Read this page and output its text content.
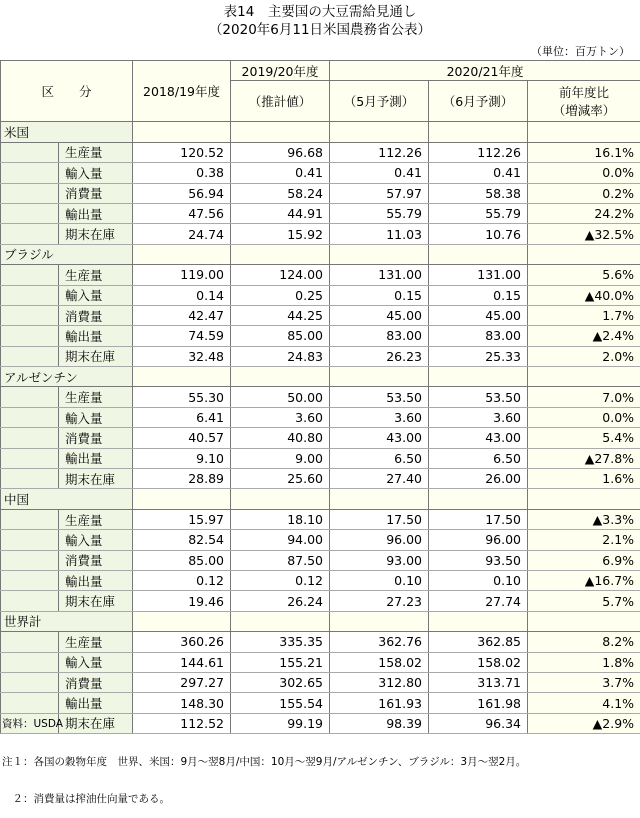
表14　主要国の大豆需給見通し
（2020年6月11日米国農務省公表）
（単位：百万トン）
区　　分		2018/19年度	2019/20年度	2020/21年度		
			（推計値）	（5月予測）	（6月予測）	前年度比
（増減率）

米国						
	生産量	120.52	96.68	112.26	112.26	16.1%
	輸入量	0.38	0.41	0.41	0.41	0.0%
	消費量	56.94	58.24	57.97	58.38	0.2%
	輸出量	47.56	44.91	55.79	55.79	24.2%
	期末在庫	24.74	15.92	11.03	10.76	▲32.5%
ブラジル						
	生産量	119.00	124.00	131.00	131.00	5.6%
	輸入量	0.14	0.25	0.15	0.15	▲40.0%
	消費量	42.47	44.25	45.00	45.00	1.7%
	輸出量	74.59	85.00	83.00	83.00	▲2.4%
	期末在庫	32.48	24.83	26.23	25.33	2.0%
アルゼンチン						
	生産量	55.30	50.00	53.50	53.50	7.0%
	輸入量	6.41	3.60	3.60	3.60	0.0%
	消費量	40.57	40.80	43.00	43.00	5.4%
	輸出量	9.10	9.00	6.50	6.50	▲27.8%
	期末在庫	28.89	25.60	27.40	26.00	1.6%
中国						
	生産量	15.97	18.10	17.50	17.50	▲3.3%
	輸入量	82.54	94.00	96.00	96.00	2.1%
	消費量	85.00	87.50	93.00	93.50	6.9%
	輸出量	0.12	0.12	0.10	0.10	▲16.7%
	期末在庫	19.46	26.24	27.23	27.74	5.7%
世界計						
	生産量	360.26	335.35	362.76	362.85	8.2%
	輸入量	144.61	155.21	158.02	158.02	1.8%
	消費量	297.27	302.65	312.80	313.71	3.7%
	輸出量	148.30	155.54	161.93	161.98	4.1%
	期末在庫	112.52	99.19	98.39	96.34	▲2.9%

資料：USDA

注１：各国の穀物年度　世界、米国：9月～翌8月/中国：10月～翌9月/アルゼンチン、ブラジル：3月～翌2月。

　２：消費量は搾油仕向量である。
